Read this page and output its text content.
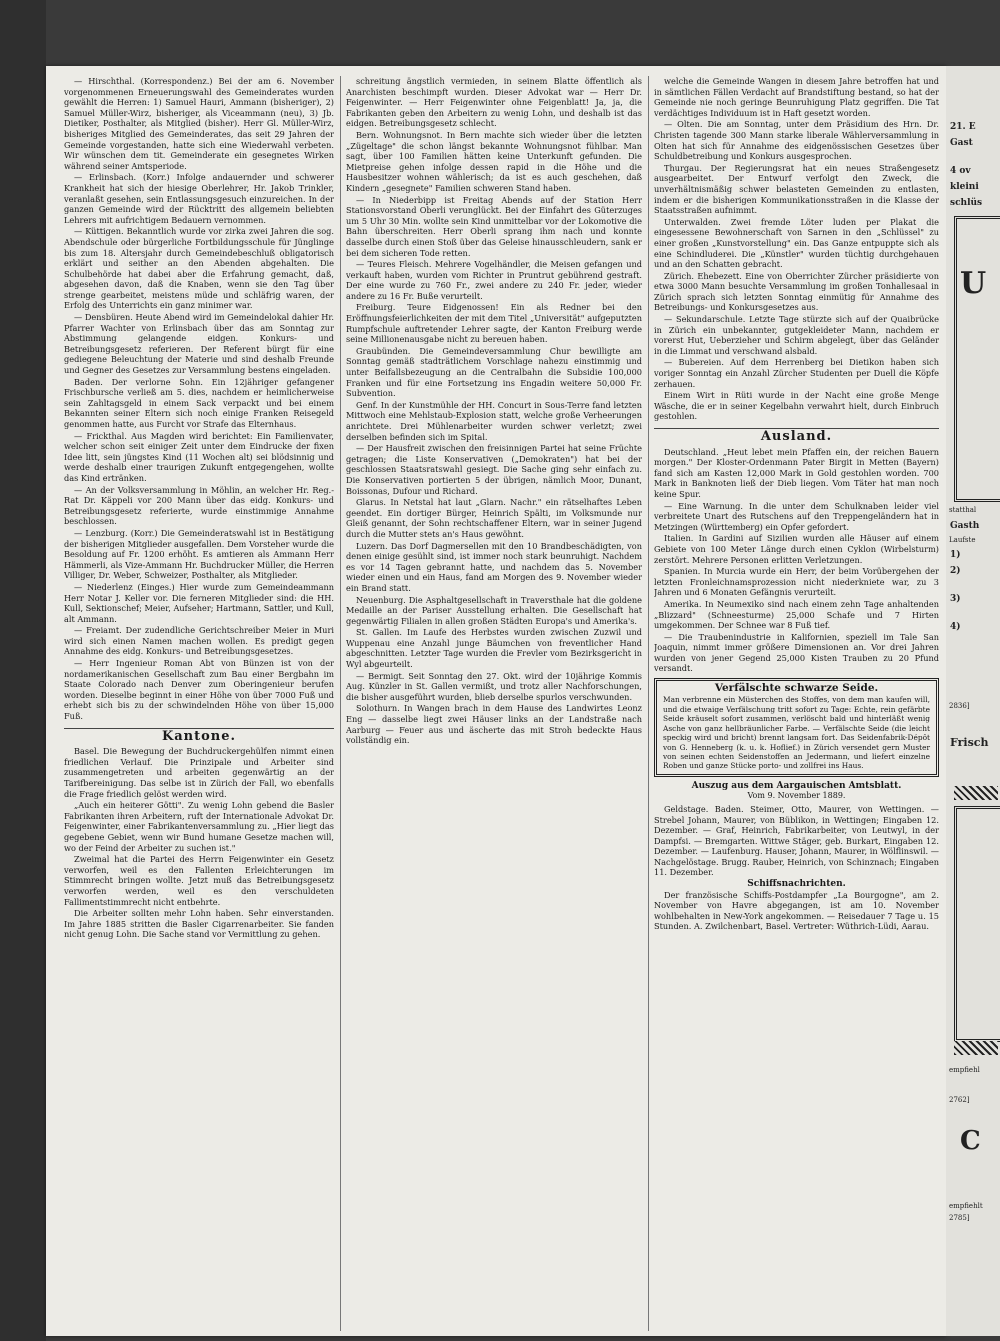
— Hirschthal. (Korrespondenz.) Bei der am 6. November vorgenommenen Erneuerungswahl des Gemeinderates wurden gewählt die Herren: 1) Samuel Hauri, Ammann (bisheriger), 2) Samuel Müller-Wirz, bisheriger, als Viceammann (neu), 3) Jb. Dietiker, Posthalter, als Mitglied (bisher). Herr Gl. Müller-Wirz, bisheriges Mitglied des Gemeinderates, das seit 29 Jahren der Gemeinde vorgestanden, hatte sich eine Wiederwahl verbeten. Wir wünschen dem tit. Gemeinderate ein gesegnetes Wirken während seiner Amtsperiode.

— Erlinsbach. (Korr.) Infolge andauernder und schwerer Krankheit hat sich der hiesige Oberlehrer, Hr. Jakob Trinkler, veranlaßt gesehen, sein Entlassungsgesuch einzureichen. In der ganzen Gemeinde wird der Rücktritt des allgemein beliebten Lehrers mit aufrichtigem Bedauern vernommen.

— Küttigen. Bekanntlich wurde vor zirka zwei Jahren die sog. Abendschule oder bürgerliche Fortbildungsschule für Jünglinge bis zum 18. Altersjahr durch Gemeindebeschluß obligatorisch erklärt und seither an den Abenden abgehalten. Die Schulbehörde hat dabei aber die Erfahrung gemacht, daß, abgesehen davon, daß die Knaben, wenn sie den Tag über strenge gearbeitet, meistens müde und schläfrig waren, der Erfolg des Unterrichts ein ganz minimer war.

— Densbüren. Heute Abend wird im Gemeindelokal dahier Hr. Pfarrer Wachter von Erlinsbach über das am Sonntag zur Abstimmung gelangende eidgen. Konkurs- und Betreibungsgesetz referieren. Der Referent bürgt für eine gediegene Beleuchtung der Materie und sind deshalb Freunde und Gegner des Gesetzes zur Versammlung bestens eingeladen.

Baden. Der verlorne Sohn. Ein 12jähriger gefangener Frischbursche verließ am 5. dies, nachdem er heimlicherweise sein Zahltagsgeld in einem Sack verpackt und bei einem Bekannten seiner Eltern sich noch einige Franken Reisegeld genommen hatte, aus Furcht vor Strafe das Elternhaus.

— Frickthal. Aus Magden wird berichtet: Ein Familienvater, welcher schon seit einiger Zeit unter dem Eindrucke der fixen Idee litt, sein jüngstes Kind (11 Wochen alt) sei blödsinnig und werde deshalb einer traurigen Zukunft entgegengehen, wollte das Kind ertränken.

— An der Volksversammlung in Möhlin, an welcher Hr. Reg.-Rat Dr. Käppeli vor 200 Mann über das eidg. Konkurs- und Betreibungsgesetz referierte, wurde einstimmige Annahme beschlossen.

— Lenzburg. (Korr.) Die Gemeinderatswahl ist in Bestätigung der bisherigen Mitglieder ausgefallen. Dem Vorsteher wurde die Besoldung auf Fr. 1200 erhöht. Es amtieren als Ammann Herr Hämmerli, als Vize-Ammann Hr. Buchdrucker Müller, die Herren Villiger, Dr. Weber, Schweizer, Posthalter, als Mitglieder.

— Niederlenz (Einges.) Hier wurde zum Gemeindeammann Herr Notar J. Keller vor. Die ferneren Mitglieder sind: die HH. Kull, Sektionschef; Meier, Aufseher; Hartmann, Sattler, und Kull, alt Ammann.

— Freiamt. Der zudendliche Gerichtschreiber Meier in Muri wird sich einen Namen machen wollen. Es predigt gegen Annahme des eidg. Konkurs- und Betreibungsgesetzes.

— Herr Ingenieur Roman Abt von Bünzen ist von der nordamerikanischen Gesellschaft zum Bau einer Bergbahn im Staate Colorado nach Denver zum Oberingenieur berufen worden. Dieselbe beginnt in einer Höhe von über 7000 Fuß und erhebt sich bis zu der schwindelnden Höhe von über 15,000 Fuß.

Kantone.

Basel. Die Bewegung der Buchdruckergehülfen nimmt einen friedlichen Verlauf. Die Prinzipale und Arbeiter sind zusammengetreten und arbeiten gegenwärtig an der Tarifbereinigung. Das selbe ist in Zürich der Fall, wo ebenfalls die Frage friedlich gelöst werden wird.

„Auch ein heiterer Götti". Zu wenig Lohn gebend die Basler Fabrikanten ihren Arbeitern, ruft der Internationale Advokat Dr. Feigenwinter, einer Fabrikantenversammlung zu. „Hier liegt das gegebene Gebiet, wenn wir Bund humane Gesetze machen will, wo der Feind der Arbeiter zu suchen ist."

Zweimal hat die Partei des Herrn Feigenwinter ein Gesetz verworfen, weil es den Fallenten Erleichterungen im Stimmrecht bringen wollte. Jetzt muß das Betreibungsgesetz verworfen werden, weil es den verschuldeten Fallimentstimmrecht nicht entbehrte.

Die Arbeiter sollten mehr Lohn haben. Sehr einverstanden. Im Jahre 1885 stritten die Basler Cigarrenarbeiter. Sie fanden nicht genug Lohn. Die Sache stand vor Vermittlung zu gehen.

schreitung ängstlich vermieden, in seinem Blatte öffentlich als Anarchisten beschimpft wurden. Dieser Advokat war — Herr Dr. Feigenwinter. — Herr Feigenwinter ohne Feigenblatt! Ja, ja, die Fabrikanten geben den Arbeitern zu wenig Lohn, und deshalb ist das eidgen. Betreibungsgesetz schlecht.

Bern. Wohnungsnot. In Bern machte sich wieder über die letzten „Zügeltage" die schon längst bekannte Wohnungsnot fühlbar. Man sagt, über 100 Familien hätten keine Unterkunft gefunden. Die Mietpreise gehen infolge dessen rapid in die Höhe und die Hausbesitzer wohnen wählerisch; da ist es auch geschehen, daß Kindern „gesegnete" Familien schweren Stand haben.

— In Niederbipp ist Freitag Abends auf der Station Herr Stationsvorstand Oberli verunglückt. Bei der Einfahrt des Güterzuges um 5 Uhr 30 Min. wollte sein Kind unmittelbar vor der Lokomotive die Bahn überschreiten. Herr Oberli sprang ihm nach und konnte dasselbe durch einen Stoß über das Geleise hinausschleudern, sank er bei dem sicheren Tode retten.

— Teures Fleisch. Mehrere Vogelhändler, die Meisen gefangen und verkauft haben, wurden vom Richter in Pruntrut gebührend gestraft. Der eine wurde zu 760 Fr., zwei andere zu 240 Fr. jeder, wieder andere zu 16 Fr. Buße verurteilt.

Freiburg. Teure Eidgenossen! Ein als Redner bei den Eröffnungsfeierlichkeiten der mit dem Titel „Universität" aufgeputzten Rumpfschule auftretender Lehrer sagte, der Kanton Freiburg werde seine Millionenausgabe nicht zu bereuen haben.

Graubünden. Die Gemeindeversammlung Chur bewilligte am Sonntag gemäß stadträtlichem Vorschlage nahezu einstimmig und unter Beifallsbezeugung an die Centralbahn die Subsidie 100,000 Franken und für eine Fortsetzung ins Engadin weitere 50,000 Fr. Subvention.

Genf. In der Kunstmühle der HH. Concurt in Sous-Terre fand letzten Mittwoch eine Mehlstaub-Explosion statt, welche große Verheerungen anrichtete. Drei Mühlenarbeiter wurden schwer verletzt; zwei derselben befinden sich im Spital.

— Der Hausfreit zwischen den freisinnigen Partei hat seine Früchte getragen; die Liste Konservativen („Demokraten") hat bei der geschlossen Staatsratswahl gesiegt. Die Sache ging sehr einfach zu. Die Konservativen portierten 5 der übrigen, nämlich Moor, Dunant, Boissonas, Dufour und Richard.

Glarus. In Netstal hat laut „Glarn. Nachr." ein rätselhaftes Leben geendet. Ein dortiger Bürger, Heinrich Spälti, im Volksmunde nur Gleiß genannt, der Sohn rechtschaffener Eltern, war in seiner Jugend durch die Mutter stets an's Haus gewöhnt.

Luzern. Das Dorf Dagmersellen mit den 10 Brandbeschädigten, von denen einige gesühlt sind, ist immer noch stark beunruhigt. Nachdem es vor 14 Tagen gebrannt hatte, und nachdem das 5. November wieder einen und ein Haus, fand am Morgen des 9. November wieder ein Brand statt.

Neuenburg. Die Asphaltgesellschaft in Traversthale hat die goldene Medaille an der Pariser Ausstellung erhalten. Die Gesellschaft hat gegenwärtig Filialen in allen großen Städten Europa's und Amerika's.

St. Gallen. Im Laufe des Herbstes wurden zwischen Zuzwil und Wuppenau eine Anzahl junge Bäumchen von freventlicher Hand abgeschnitten. Letzter Tage wurden die Frevler vom Bezirksgericht in Wyl abgeurteilt.

— Bermigt. Seit Sonntag den 27. Okt. wird der 10jährige Kommis Aug. Künzler in St. Gallen vermißt, und trotz aller Nachforschungen, die bisher ausgeführt wurden, blieb derselbe spurlos verschwunden.

Solothurn. In Wangen brach in dem Hause des Landwirtes Leonz Eng — dasselbe liegt zwei Häuser links an der Landstraße nach Aarburg — Feuer aus und äscherte das mit Stroh bedeckte Haus vollständig ein.

welche die Gemeinde Wangen in diesem Jahre betroffen hat und in sämtlichen Fällen Verdacht auf Brandstiftung bestand, so hat der Gemeinde nie noch geringe Beunruhigung Platz gegriffen. Die Tat verdächtiges Individuum ist in Haft gesetzt worden.

— Olten. Die am Sonntag, unter dem Präsidium des Hrn. Dr. Christen tagende 300 Mann starke liberale Wählerversammlung in Olten hat sich für Annahme des eidgenössischen Gesetzes über Schuldbetreibung und Konkurs ausgesprochen.

Thurgau. Der Regierungsrat hat ein neues Straßengesetz ausgearbeitet. Der Entwurf verfolgt den Zweck, die unverhältnismäßig schwer belasteten Gemeinden zu entlasten, indem er die bisherigen Kommunikationsstraßen in die Klasse der Staatsstraßen aufnimmt.

Unterwalden. Zwei fremde Löter luden per Plakat die eingesessene Bewohnerschaft von Sarnen in den „Schlüssel" zu einer großen „Kunstvorstellung" ein. Das Ganze entpuppte sich als eine Schindluderei. Die „Künstler" wurden tüchtig durchgehauen und an den Schatten gebracht.

Zürich. Ehebezett. Eine von Oberrichter Zürcher präsidierte von etwa 3000 Mann besuchte Versammlung im großen Tonhallesaal in Zürich sprach sich letzten Sonntag einmütig für Annahme des Betreibungs- und Konkursgesetzes aus.

— Sekundarschule. Letzte Tage stürzte sich auf der Quaibrücke in Zürich ein unbekannter, gutgekleideter Mann, nachdem er vorerst Hut, Ueberzieher und Schirm abgelegt, über das Geländer in die Limmat und verschwand alsbald.

— Bubereien. Auf dem Herrenberg bei Dietikon haben sich voriger Sonntag ein Anzahl Zürcher Studenten per Duell die Köpfe zerhauen.

Einem Wirt in Rüti wurde in der Nacht eine große Menge Wäsche, die er in seiner Kegelbahn verwahrt hielt, durch Einbruch gestohlen.

Ausland.

Deutschland. „Heut lebet mein Pfaffen ein, der reichen Bauern morgen." Der Kloster-Ordenmann Pater Birgit in Metten (Bayern) fand sich am Kasten 12,000 Mark in Gold gestohlen worden. 700 Mark in Banknoten ließ der Dieb liegen. Vom Täter hat man noch keine Spur.

— Eine Warnung. In die unter dem Schulknaben leider viel verbreitete Unart des Rutschens auf den Treppengeländern hat in Metzingen (Württemberg) ein Opfer gefordert.

Italien. In Gardini auf Sizilien wurden alle Häuser auf einem Gebiete von 100 Meter Länge durch einen Cyklon (Wirbelsturm) zerstört. Mehrere Personen erlitten Verletzungen.

Spanien. In Murcia wurde ein Herr, der beim Vorübergehen der letzten Fronleichnamsprozession nicht niederkniete war, zu 3 Jahren und 6 Monaten Gefängnis verurteilt.

Amerika. In Neumexiko sind nach einem zehn Tage anhaltenden „Blizzard" (Schneesturme) 25,000 Schafe und 7 Hirten umgekommen. Der Schnee war 8 Fuß tief.

— Die Traubenindustrie in Kalifornien, speziell im Tale San Joaquin, nimmt immer größere Dimensionen an. Vor drei Jahren wurden von jener Gegend 25,000 Kisten Trauben zu 20 Pfund versandt.

Verfälschte schwarze Seide.
Man verbrenne ein Müsterchen des Stoffes, von dem man kaufen will, und die etwaige Verfälschung tritt sofort zu Tage: Echte, rein gefärbte Seide kräuselt sofort zusammen, verlöscht bald und hinterläßt wenig Asche von ganz hellbräunlicher Farbe. — Verfälschte Seide (die leicht speckig wird und bricht) brennt langsam fort. Das Seidenfabrik-Dépôt von G. Henneberg (k. u. k. Hoflief.) in Zürich versendet gern Muster von seinen echten Seidenstoffen an Jedermann, und liefert einzelne Roben und ganze Stücke porto- und zollfrei ins Haus.
Auszug aus dem Aargauischen Amtsblatt.
Vom 9. November 1889.

Geldstage. Baden. Steimer, Otto, Maurer, von Wettingen. — Strebel Johann, Maurer, von Büblikon, in Wettingen; Eingaben 12. Dezember. — Graf, Heinrich, Fabrikarbeiter, von Leutwyl, in der Dampfsi. — Bremgarten. Wittwe Stäger, geb. Burkart, Eingaben 12. Dezember. — Laufenburg. Hauser, Johann, Maurer, in Wölflinswil. — Nachgelöstage. Brugg. Rauber, Heinrich, von Schinznach; Eingaben 11. Dezember.

Schiffsnachrichten.

Der französische Schiffs-Postdampfer „La Bourgogne", am 2. November von Havre abgegangen, ist am 10. November wohlbehalten in New-York angekommen. — Reisedauer 7 Tage u. 15 Stunden. A. Zwilchenbart, Basel. Vertreter: Wüthrich-Lüdi, Aarau.

21. E
Gast
4 ov
kleini
schlüs
U
statthal
Gasth
Laufste
1)
2)
3)
4)
2836]
Frisch
empfiehl
2762]
C
empfiehlt
2785]
